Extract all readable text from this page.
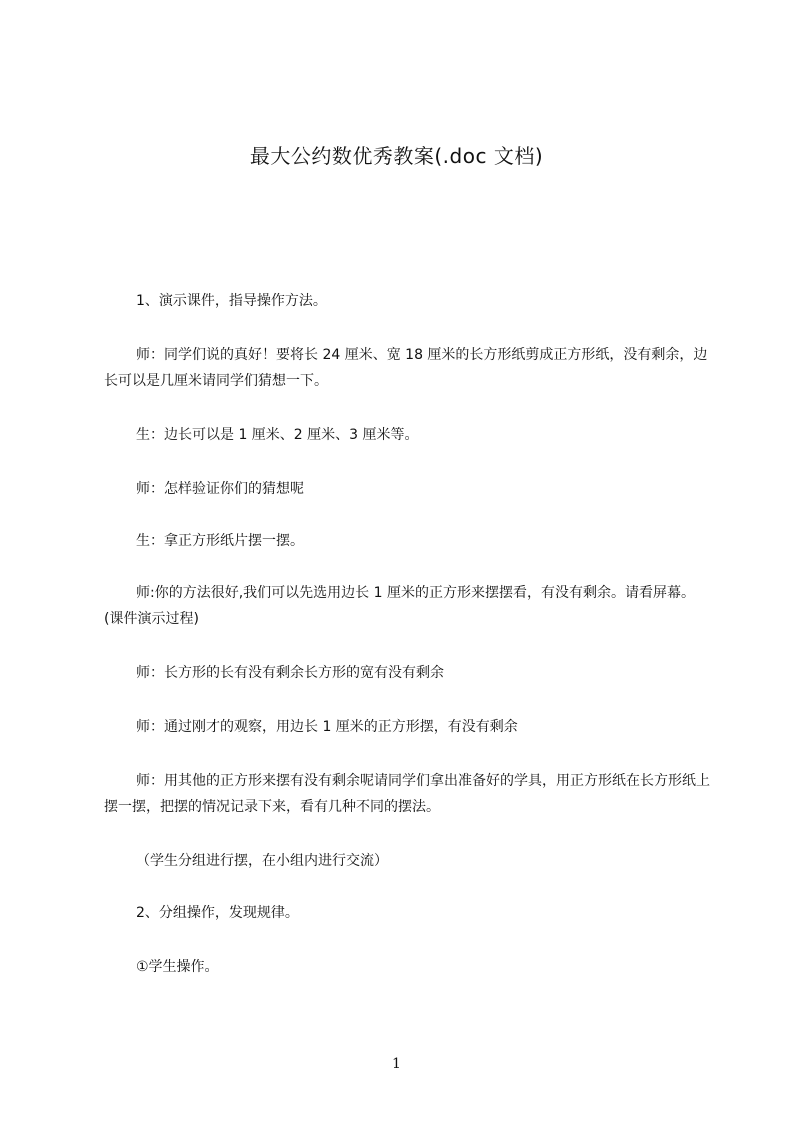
最大公约数优秀教案(.doc 文档)
1、演示课件，指导操作方法。
师：同学们说的真好！要将长 24 厘米、宽 18 厘米的长方形纸剪成正方形纸，没有剩余，边长可以是几厘米请同学们猜想一下。
生：边长可以是 1 厘米、2 厘米、3 厘米等。
师：怎样验证你们的猜想呢
生：拿正方形纸片摆一摆。
师:你的方法很好,我们可以先选用边长 1 厘米的正方形来摆摆看，有没有剩余。请看屏幕。(课件演示过程)
师：长方形的长有没有剩余长方形的宽有没有剩余
师：通过刚才的观察，用边长 1 厘米的正方形摆，有没有剩余
师：用其他的正方形来摆有没有剩余呢请同学们拿出准备好的学具，用正方形纸在长方形纸上摆一摆，把摆的情况记录下来，看有几种不同的摆法。
（学生分组进行摆，在小组内进行交流）
2、分组操作，发现规律。
①学生操作。
1
